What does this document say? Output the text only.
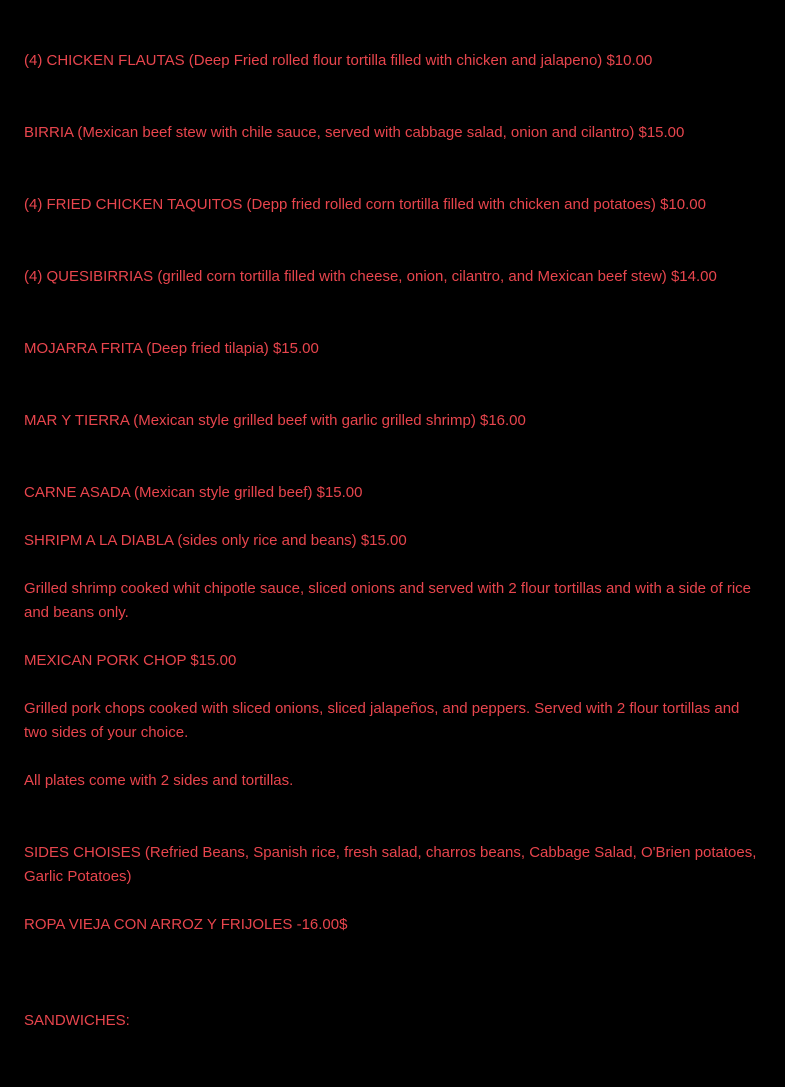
(4) CHICKEN FLAUTAS (Deep Fried rolled flour tortilla filled with chicken and jalapeno) $10.00

BIRRIA (Mexican beef stew with chile sauce, served with cabbage salad, onion and cilantro) $15.00

(4) FRIED CHICKEN TAQUITOS (Depp fried rolled corn tortilla filled with chicken and potatoes) $10.00

(4) QUESIBIRRIAS (grilled corn tortilla filled with cheese, onion, cilantro, and Mexican beef stew) $14.00

MOJARRA FRITA (Deep fried tilapia) $15.00

MAR Y TIERRA (Mexican style grilled beef with garlic grilled shrimp) $16.00

CARNE ASADA (Mexican style grilled beef) $15.00

SHRIPM A LA DIABLA (sides only rice and beans) $15.00

Grilled shrimp cooked whit chipotle sauce, sliced onions and served with 2 flour tortillas and with a side of rice and beans only.

MEXICAN PORK CHOP $15.00

Grilled pork chops cooked with sliced onions, sliced jalapeños, and peppers. Served with 2 flour tortillas and two sides of your choice.

All plates come with 2 sides and tortillas.

SIDES CHOISES (Refried Beans, Spanish rice, fresh salad, charros beans, Cabbage Salad, O'Brien potatoes, Garlic Potatoes)

ROPA VIEJA CON ARROZ Y FRIJOLES -16.00$

SANDWICHES:
